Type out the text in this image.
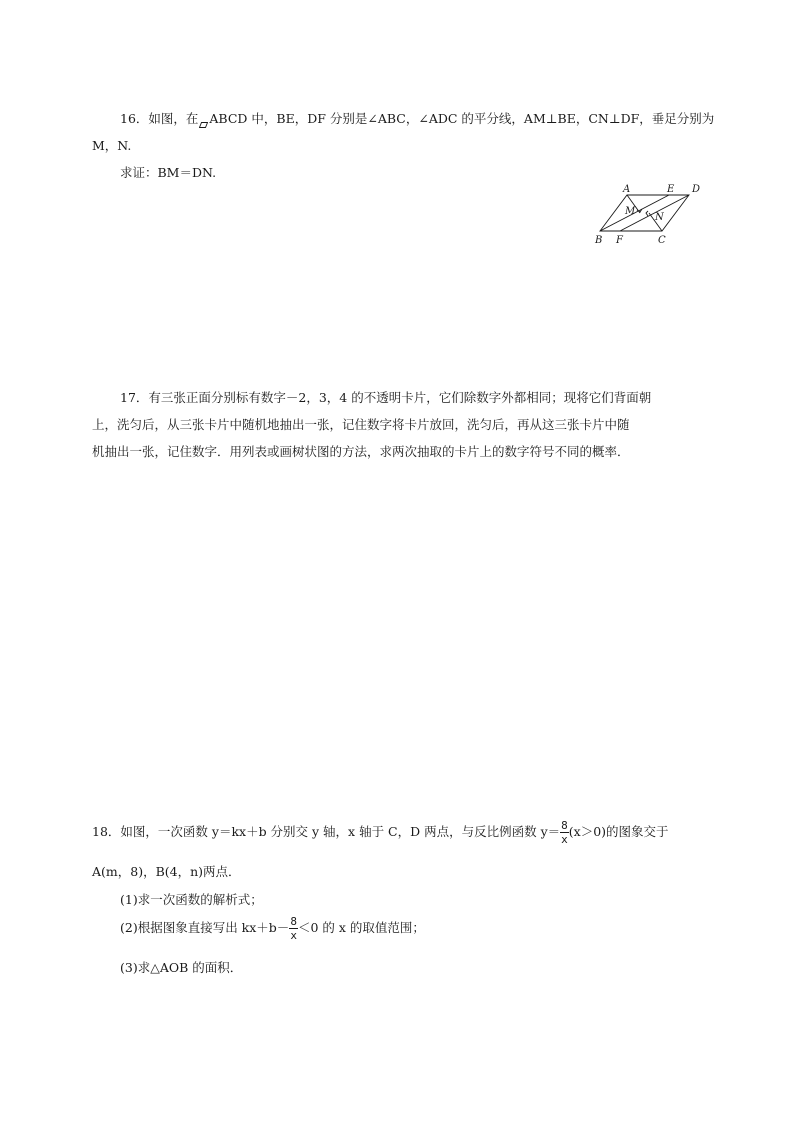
16．如图，在 ABCD 中，BE，DF 分别是∠ABC，∠ADC 的平分线，AM⊥BE，CN⊥DF，垂足分别为
M，N.
求证：BM＝DN.
A	E D
M
N
B F	C
17．有三张正面分别标有数字－2，3，4 的不透明卡片，它们除数字外都相同；现将它们背面朝
上，洗匀后，从三张卡片中随机地抽出一张，记住数字将卡片放回，洗匀后，再从这三张卡片中随
机抽出一张，记住数字．用列表或画树状图的方法，求两次抽取的卡片上的数字符号不同的概率．
18．如图，一次函数 y＝kx＋b 分别交 y 轴，x 轴于 C，D 两点，与反比例函数 $y= \frac{8}{x} (x>0)$的图象交于
A(m，8)，B(4，n)两点．
(1)求一次函数的解析式；
(2)根据图象直接写出 $kx+b- \frac{8}{x} <0$ 的 x 的取值范围；
(3)求△AOB 的面积．
